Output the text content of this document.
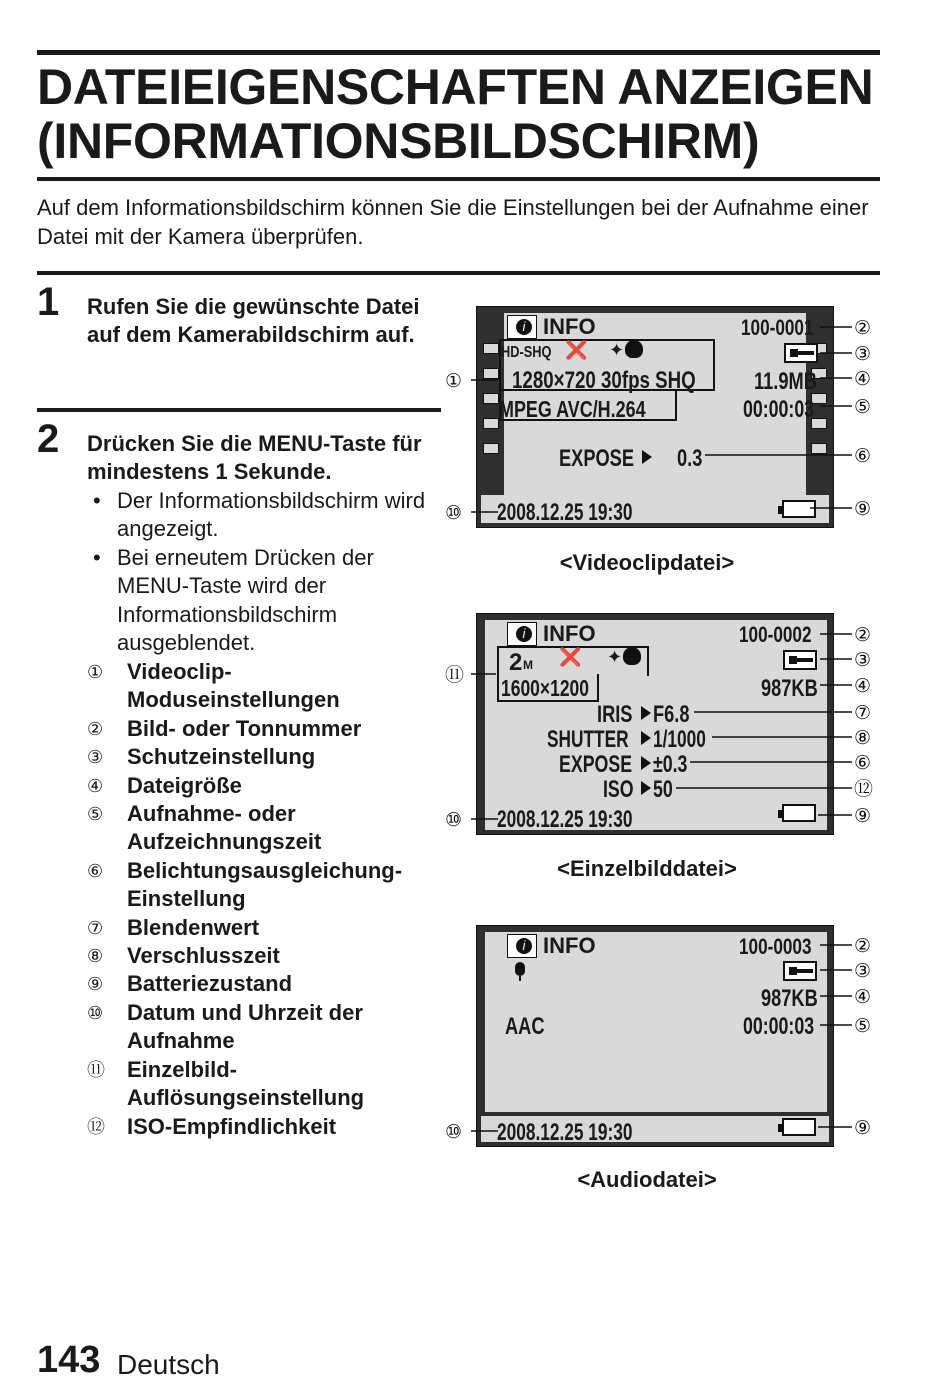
DATEIEIGENSCHAFTEN ANZEIGEN
(INFORMATIONSBILDSCHIRM)
Auf dem Informationsbildschirm können Sie die Einstellungen bei der Aufnahme einer Datei mit der Kamera überprüfen.
1 Rufen Sie die gewünschte Datei auf dem Kamerabildschirm auf.
2 Drücken Sie die MENU-Taste für mindestens 1 Sekunde.
• Der Informationsbildschirm wird angezeigt.
• Bei erneutem Drücken der MENU-Taste wird der Informationsbildschirm ausgeblendet.
① Videoclip-
Moduseinstellungen
② Bild- oder Tonnummer
③ Schutzeinstellung
④ Dateigröße
⑤ Aufnahme- oder Aufzeichnungszeit
⑥ Belichtungsausgleichung-Einstellung
⑦ Blendenwert
⑧ Verschlusszeit
⑨ Batteriezustand
⑩ Datum und Uhrzeit der Aufnahme
⑪ Einzelbild-Auflösungseinstellung
⑫ ISO-Empfindlichkeit
i INFO	100-0001
HD-SHQ ❌ ✦
1280×720 30fps SHQ
MPEG AVC/H.264
11.9MB
00:00:03
EXPOSE 0.3
2008.12.25 19:30
①
②
③
④
⑤
⑥
⑨
⑩
<Videoclipdatei>
i INFO	100-0002
2 M ❌ ✦
1600×1200	987KB
IRIS F6.8
SHUTTER 1/1000
EXPOSE ±0.3
ISO 50
2008.12.25 19:30
⑪
②
③
④
⑦
⑧
⑥
⑫
⑨
⑩
<Einzelbilddatei>
i INFO	100-0003
987KB
AAC	00:00:03
2008.12.25 19:30
②
③
④
⑤
⑨
⑩
<Audiodatei>
143 Deutsch
